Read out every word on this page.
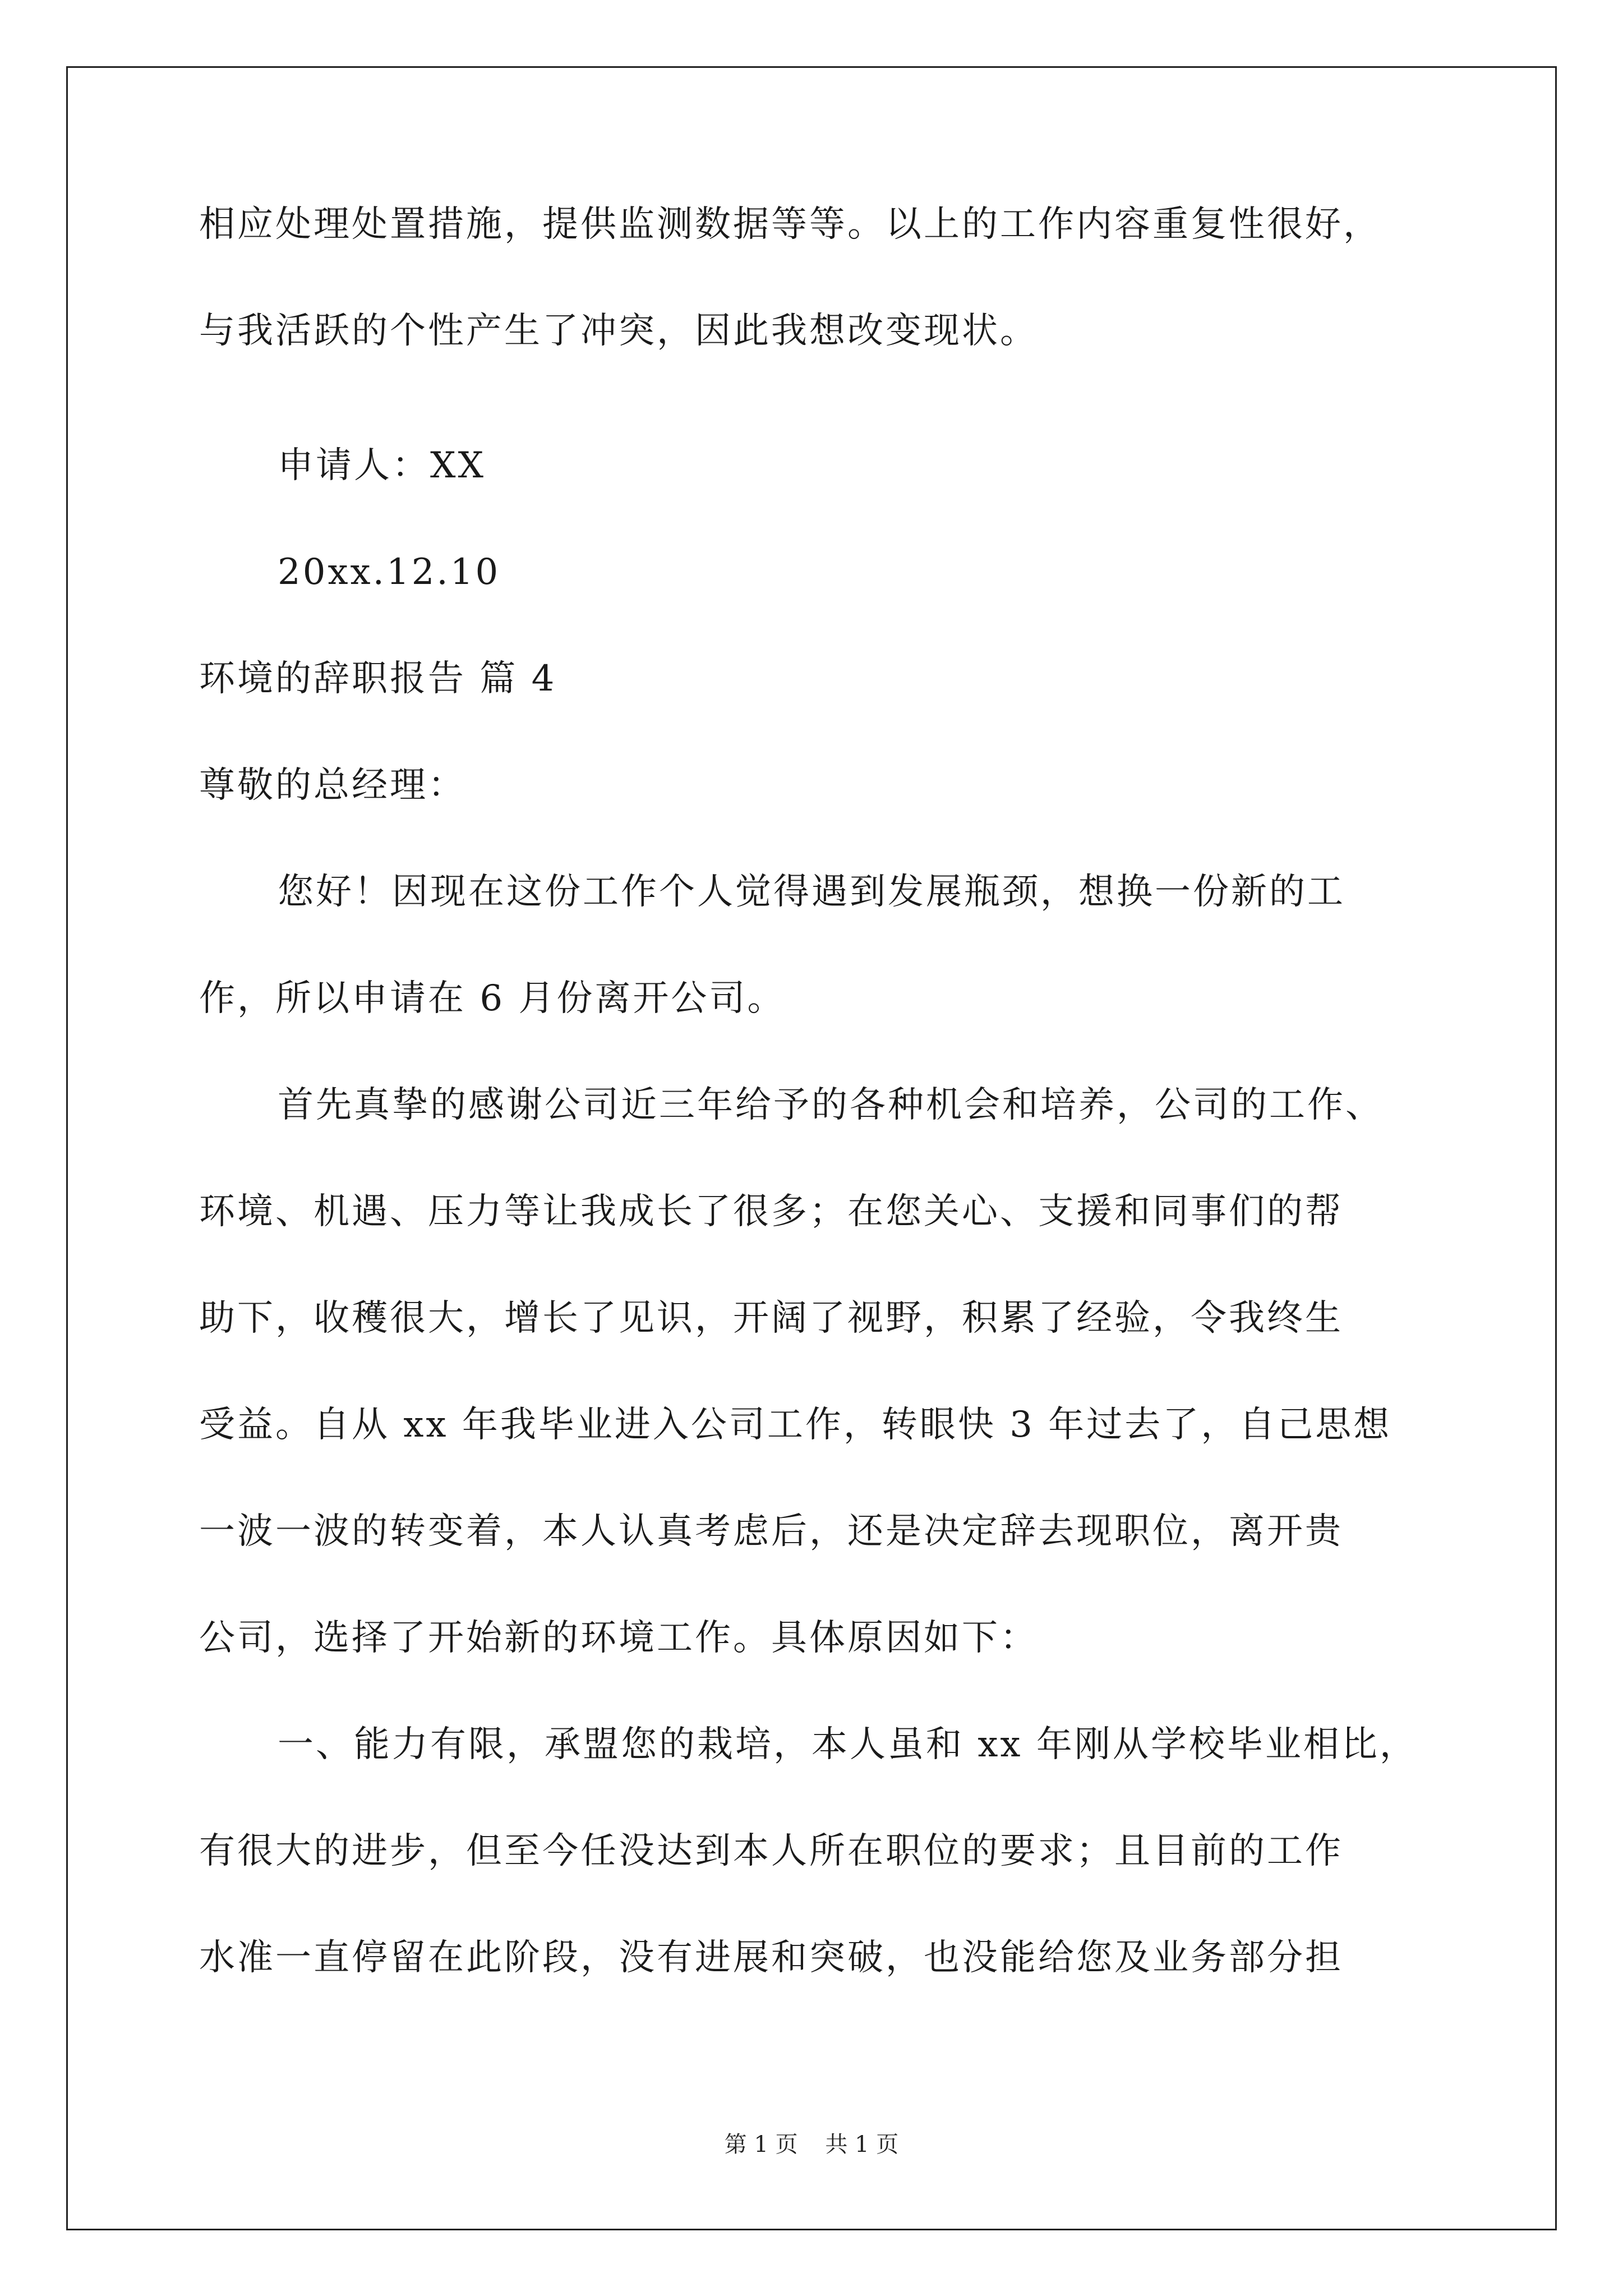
相应处理处置措施，提供监测数据等等。以上的工作内容重复性很好，
与我活跃的个性产生了冲突，因此我想改变现状。
申请人：XX
20xx.12.10
环境的辞职报告 篇 4
尊敬的总经理：
您好！因现在这份工作个人觉得遇到发展瓶颈，想换一份新的工
作，所以申请在 6 月份离开公司。
首先真挚的感谢公司近三年给予的各种机会和培养，公司的工作、
环境、机遇、压力等让我成长了很多；在您关心、支援和同事们的帮
助下，收穫很大，增长了见识，开阔了视野，积累了经验，令我终生
受益。自从 xx 年我毕业进入公司工作，转眼快 3 年过去了，自己思想
一波一波的转变着，本人认真考虑后，还是决定辞去现职位，离开贵
公司，选择了开始新的环境工作。具体原因如下：
一、能力有限，承盟您的栽培，本人虽和 xx 年刚从学校毕业相比，
有很大的进步，但至今任没达到本人所在职位的要求；且目前的工作
水准一直停留在此阶段，没有进展和突破，也没能给您及业务部分担
第 1 页 共 1 页
